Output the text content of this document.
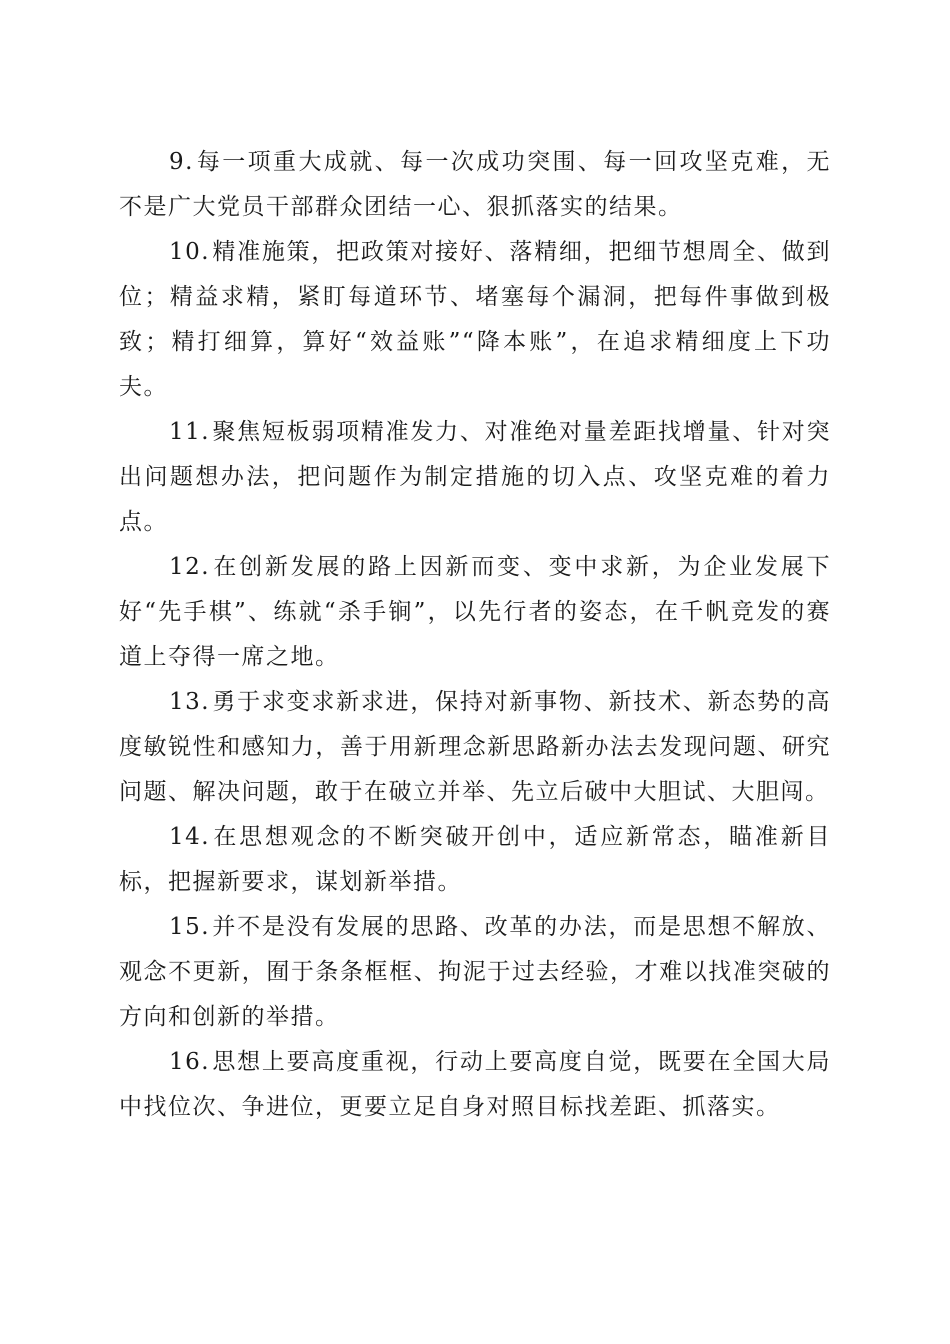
9.每一项重大成就、每一次成功突围、每一回攻坚克难，无不是广大党员干部群众团结一心、狠抓落实的结果。

10.精准施策，把政策对接好、落精细，把细节想周全、做到位；精益求精，紧盯每道环节、堵塞每个漏洞，把每件事做到极致；精打细算，算好“效益账”“降本账”，在追求精细度上下功夫。

11.聚焦短板弱项精准发力、对准绝对量差距找增量、针对突出问题想办法，把问题作为制定措施的切入点、攻坚克难的着力点。

12.在创新发展的路上因新而变、变中求新，为企业发展下好“先手棋”、练就“杀手锏”，以先行者的姿态，在千帆竞发的赛道上夺得一席之地。

13.勇于求变求新求进，保持对新事物、新技术、新态势的高度敏锐性和感知力，善于用新理念新思路新办法去发现问题、研究问题、解决问题，敢于在破立并举、先立后破中大胆试、大胆闯。

14.在思想观念的不断突破开创中，适应新常态，瞄准新目标，把握新要求，谋划新举措。

15.并不是没有发展的思路、改革的办法，而是思想不解放、观念不更新，囿于条条框框、拘泥于过去经验，才难以找准突破的方向和创新的举措。

16.思想上要高度重视，行动上要高度自觉，既要在全国大局中找位次、争进位，更要立足自身对照目标找差距、抓落实。
